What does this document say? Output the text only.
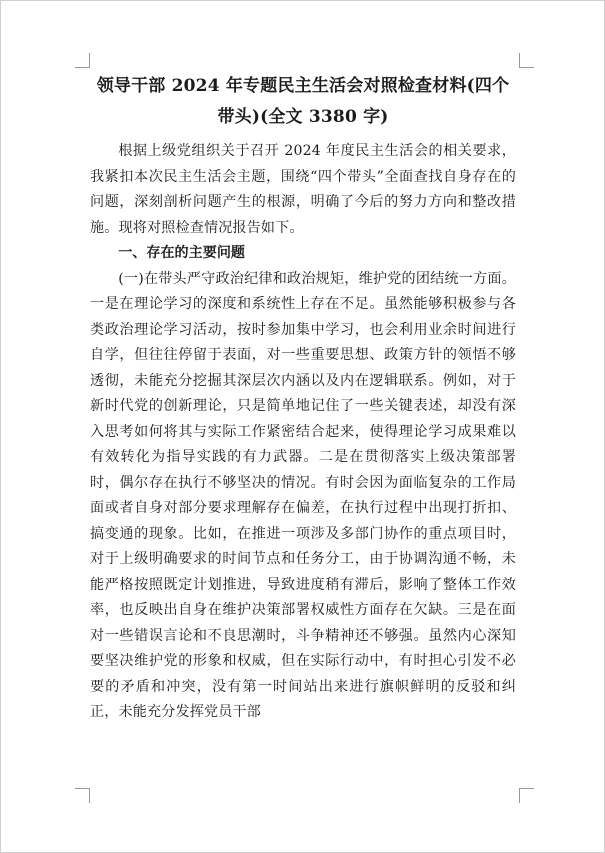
领导干部 2024 年专题民主生活会对照检查材料(四个带头)(全文 3380 字)

根据上级党组织关于召开 2024 年度民主生活会的相关要求，我紧扣本次民主生活会主题，围绕“四个带头”全面查找自身存在的问题，深刻剖析问题产生的根源，明确了今后的努力方向和整改措施。现将对照检查情况报告如下。

一、存在的主要问题

(一)在带头严守政治纪律和政治规矩，维护党的团结统一方面。一是在理论学习的深度和系统性上存在不足。虽然能够积极参与各类政治理论学习活动，按时参加集中学习，也会利用业余时间进行自学，但往往停留于表面，对一些重要思想、政策方针的领悟不够透彻，未能充分挖掘其深层次内涵以及内在逻辑联系。例如，对于新时代党的创新理论，只是简单地记住了一些关键表述，却没有深入思考如何将其与实际工作紧密结合起来，使得理论学习成果难以有效转化为指导实践的有力武器。二是在贯彻落实上级决策部署时，偶尔存在执行不够坚决的情况。有时会因为面临复杂的工作局面或者自身对部分要求理解存在偏差，在执行过程中出现打折扣、搞变通的现象。比如，在推进一项涉及多部门协作的重点项目时，对于上级明确要求的时间节点和任务分工，由于协调沟通不畅，未能严格按照既定计划推进，导致进度稍有滞后，影响了整体工作效率，也反映出自身在维护决策部署权威性方面存在欠缺。三是在面对一些错误言论和不良思潮时，斗争精神还不够强。虽然内心深知要坚决维护党的形象和权威，但在实际行动中，有时担心引发不必要的矛盾和冲突，没有第一时间站出来进行旗帜鲜明的反驳和纠正，未能充分发挥党员干部
